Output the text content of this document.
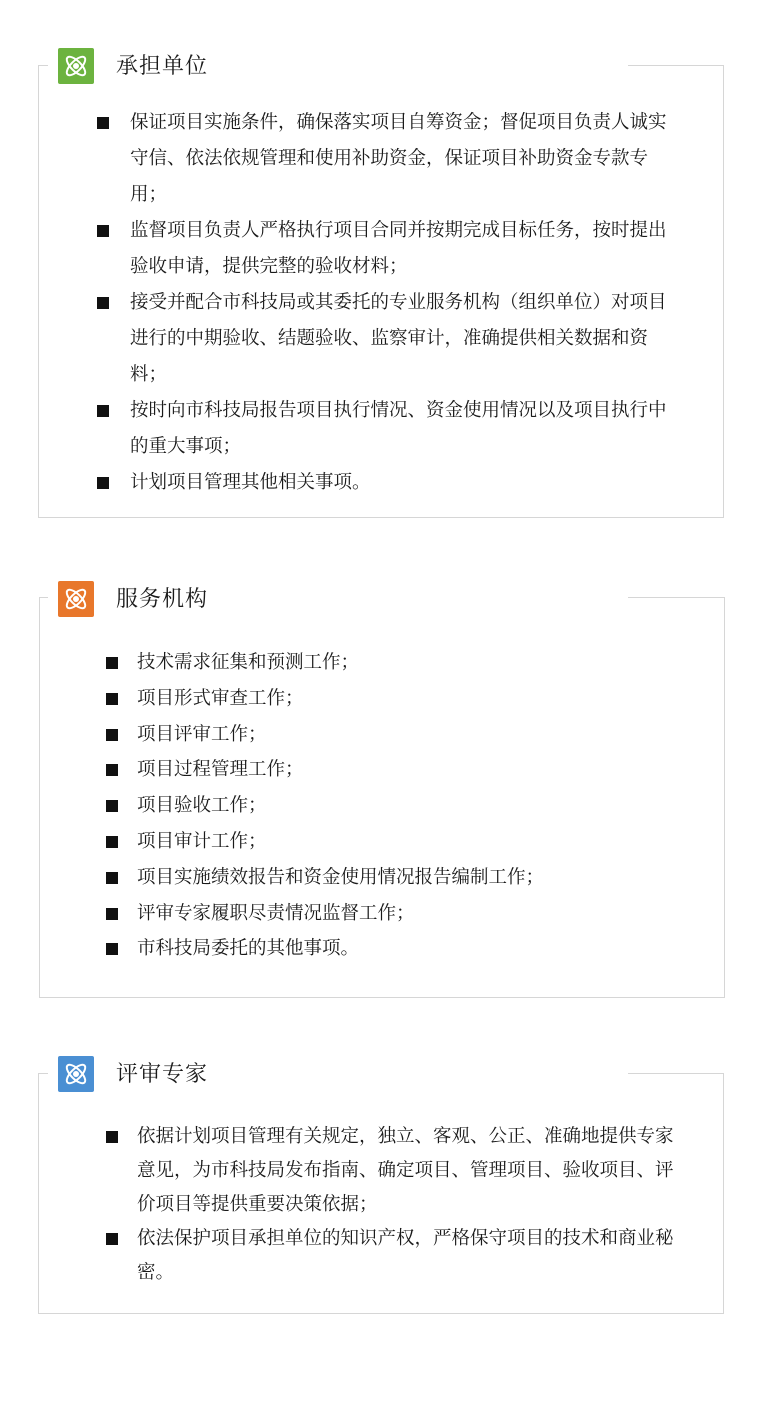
承担单位
保证项目实施条件，确保落实项目自筹资金；督促项目负责人诚实守信、依法依规管理和使用补助资金，保证项目补助资金专款专用；
监督项目负责人严格执行项目合同并按期完成目标任务，按时提出验收申请，提供完整的验收材料；
接受并配合市科技局或其委托的专业服务机构（组织单位）对项目进行的中期验收、结题验收、监察审计，准确提供相关数据和资料；
按时向市科技局报告项目执行情况、资金使用情况以及项目执行中的重大事项；
计划项目管理其他相关事项。
服务机构
技术需求征集和预测工作；
项目形式审查工作；
项目评审工作；
项目过程管理工作；
项目验收工作；
项目审计工作；
项目实施绩效报告和资金使用情况报告编制工作；
评审专家履职尽责情况监督工作；
市科技局委托的其他事项。
评审专家
依据计划项目管理有关规定，独立、客观、公正、准确地提供专家意见，为市科技局发布指南、确定项目、管理项目、验收项目、评价项目等提供重要决策依据；
依法保护项目承担单位的知识产权，严格保守项目的技术和商业秘密。
